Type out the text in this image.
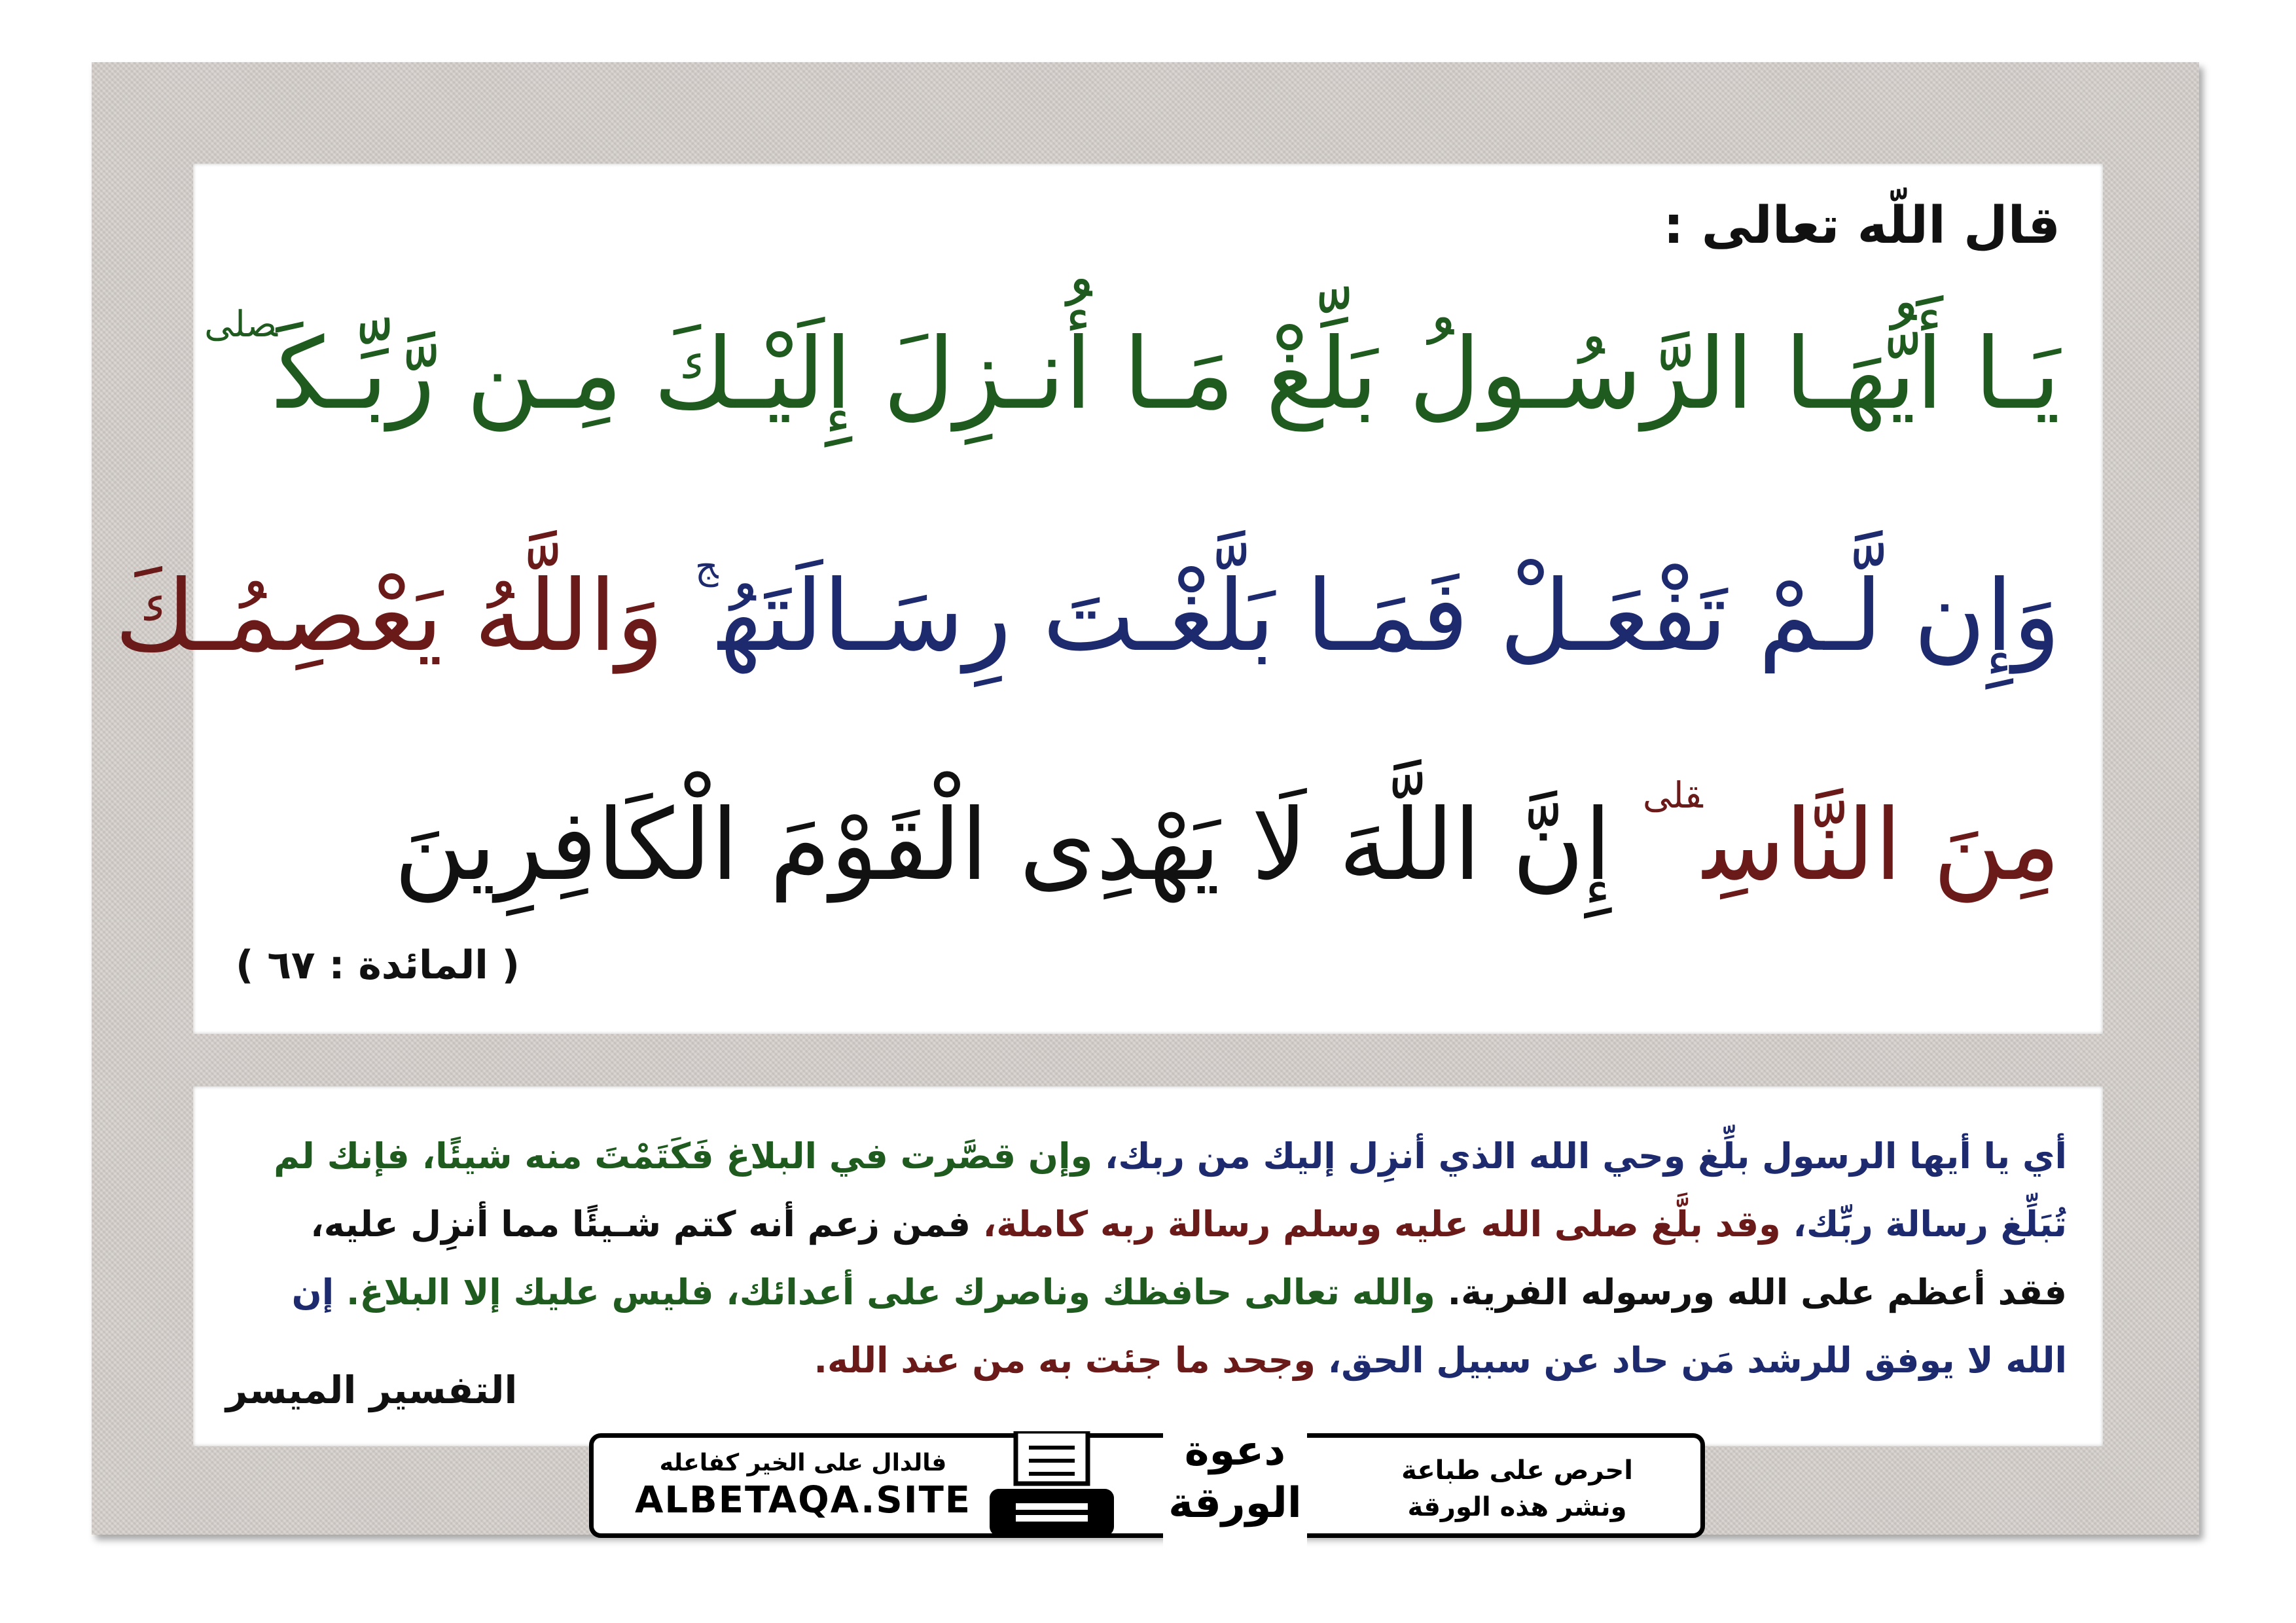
قال اللّه تعالى :
يَـا أَيُّهَـا الرَّسُـولُ بَلِّغْ مَـا أُنـزِلَ إِلَيْـكَ مِـن رَّبِّـكَ$^{صلى}$
وَإِن لَّـمْ تَفْعَـلْ فَمَـا بَلَّغْـتَ رِسَـالَتَهُ$^ج$ وَاللَّهُ يَعْصِمُـكَ
مِنَ النَّاسِ$^{قلى}$ إِنَّ اللَّهَ لَا يَهْدِى الْقَوْمَ الْكَافِرِينَ
( المائدة : ٦٧ )
أي يا أيها الرسول بلِّغ وحي الله الذي أنزِل إليك من ربك، وإن قصَّرت في البلاغ فَكَتَمْتَ منه شيئًا، فإنك لم
تُبَلِّغ رسالة ربِّك، وقد بلَّغ صلى الله عليه وسلم رسالة ربه كاملة، فمن زعم أنه كتم شـيئًا مما أنزِل عليه،
فقد أعظم على الله ورسوله الفرية. والله تعالى حافظك وناصرك على أعدائك، فليس عليك إلا البلاغ. إن
الله لا يوفق للرشد مَن حاد عن سبيل الحق، وجحد ما جئت به من عند الله.
التفسير الميسر
فالدال على الخير كفاعله
ALBETAQA.SITE
دعوة
الورقة
احرص على طباعة
ونشر هذه الورقة
